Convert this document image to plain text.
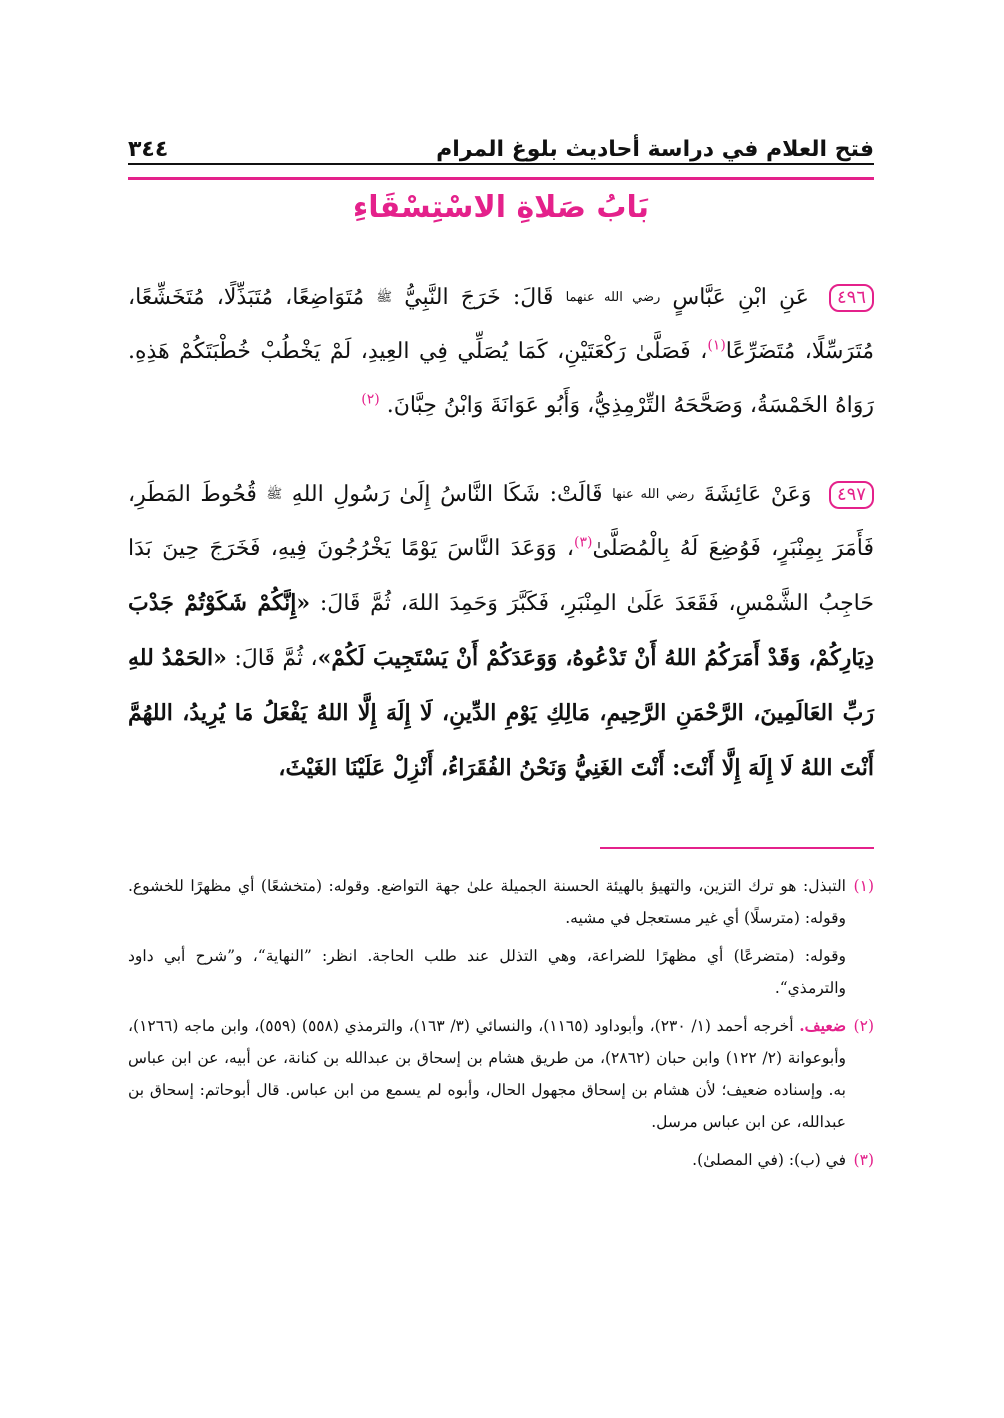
فتح العلام في دراسة أحاديث بلوغ المرام
٣٤٤
بَابُ صَلاةِ الاسْتِسْقَاءِ
٤٩٦ عَنِ ابْنِ عَبَّاسٍ رضي الله عنهما قَالَ: خَرَجَ النَّبِيُّ ﷺ مُتَوَاضِعًا، مُتَبَذِّلًا، مُتَخَشِّعًا، مُتَرَسِّلًا، مُتَضَرِّعًا$^{(١)}$، فَصَلَّىٰ رَكْعَتَيْنِ، كَمَا يُصَلِّي فِي العِيدِ، لَمْ يَخْطُبْ خُطْبَتَكُمْ هَذِهِ. رَوَاهُ الخَمْسَةُ، وَصَحَّحَهُ التِّرْمِذِيُّ، وَأَبُو عَوَانَةَ وَابْنُ حِبَّانَ. $^{(٢)}$
٤٩٧ وَعَنْ عَائِشَةَ رضي الله عنها قَالَتْ: شَكَا النَّاسُ إِلَىٰ رَسُولِ اللهِ ﷺ قُحُوطَ المَطَرِ، فَأَمَرَ بِمِنْبَرٍ، فَوُضِعَ لَهُ بِالْمُصَلَّىٰ$^{(٣)}$، وَوَعَدَ النَّاسَ يَوْمًا يَخْرُجُونَ فِيهِ، فَخَرَجَ حِينَ بَدَا حَاجِبُ الشَّمْسِ، فَقَعَدَ عَلَىٰ المِنْبَرِ، فَكَبَّرَ وَحَمِدَ اللهَ، ثُمَّ قَالَ: «إِنَّكُمْ شَكَوْتُمْ جَدْبَ دِيَارِكُمْ، وَقَدْ أَمَرَكُمُ اللهُ أَنْ تَدْعُوهُ، وَوَعَدَكُمْ أَنْ يَسْتَجِيبَ لَكُمْ»، ثُمَّ قَالَ: «الحَمْدُ للهِ رَبِّ العَالَمِينَ، الرَّحْمَنِ الرَّحِيمِ، مَالِكِ يَوْمِ الدِّينِ، لَا إِلَهَ إِلَّا اللهُ يَفْعَلُ مَا يُرِيدُ، اللهُمَّ أَنْتَ اللهُ لَا إِلَهَ إِلَّا أَنْتَ: أَنْتَ الغَنِيُّ وَنَحْنُ الفُقَرَاءُ، أَنْزِلْ عَلَيْنَا الغَيْثَ،
(١)
التبذل: هو ترك التزين، والتهيؤ بالهيئة الحسنة الجميلة علىٰ جهة التواضع. وقوله: (متخشعًا) أي مظهرًا للخشوع. وقوله: (مترسلًا) أي غير مستعجل في مشيه.
وقوله: (متضرعًا) أي مظهرًا للضراعة، وهي التذلل عند طلب الحاجة. انظر: ”النهاية“، و”شرح أبي داود والترمذي“.
(٢)
ضعيف. أخرجه أحمد (١/ ٢٣٠)، وأبوداود (١١٦٥)، والنسائي (٣/ ١٦٣)، والترمذي (٥٥٨) (٥٥٩)، وابن ماجه (١٢٦٦)، وأبوعوانة (٢/ ١٢٢) وابن حبان (٢٨٦٢)، من طريق هشام بن إسحاق بن عبدالله بن كنانة، عن أبيه، عن ابن عباس به. وإسناده ضعيف؛ لأن هشام بن إسحاق مجهول الحال، وأبوه لم يسمع من ابن عباس. قال أبوحاتم: إسحاق بن عبدالله، عن ابن عباس مرسل.
(٣)
في (ب): (في المصلىٰ).
